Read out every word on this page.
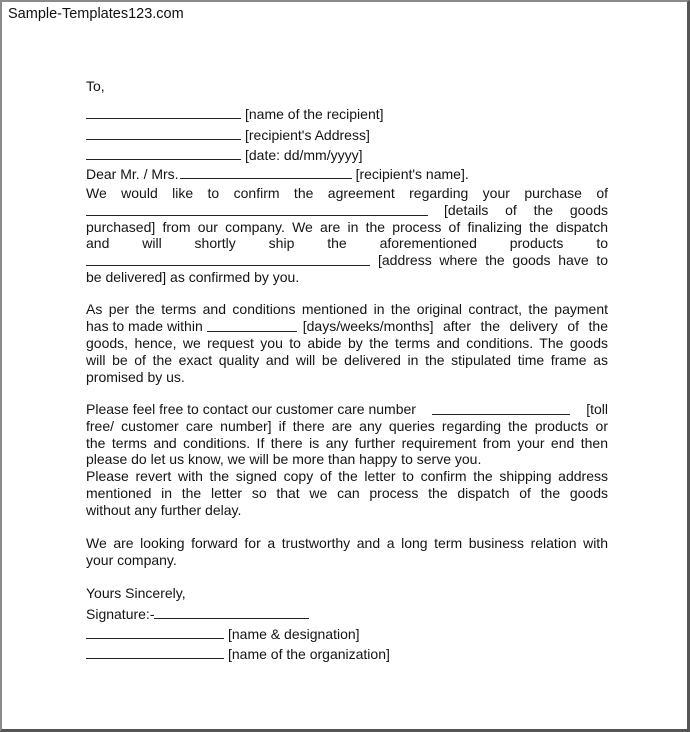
Sample-Templates123.com
To,
[name of the recipient]
[recipient's Address]
[date: dd/mm/yyyy]
Dear Mr. / Mrs.	[recipient's name].
We would like to confirm the agreement regarding your purchase of
[details of the goods
purchased] from our company. We are in the process of finalizing the dispatch
and will shortly ship the aforementioned products to
[address where the goods have to
be delivered] as confirmed by you.
As per the terms and conditions mentioned in the original contract, the payment
has to made within	[days/weeks/months] after the delivery of the
goods, hence, we request you to abide by the terms and conditions. The goods
will be of the exact quality and will be delivered in the stipulated time frame as
promised by us.
Please feel free to contact our customer care number	[toll
free/ customer care number] if there are any queries regarding the products or
the terms and conditions. If there is any further requirement from your end then
please do let us know, we will be more than happy to serve you.
Please revert with the signed copy of the letter to confirm the shipping address
mentioned in the letter so that we can process the dispatch of the goods
without any further delay.
We are looking forward for a trustworthy and a long term business relation with
your company.
Yours Sincerely,
Signature:-
[name & designation]
[name of the organization]
